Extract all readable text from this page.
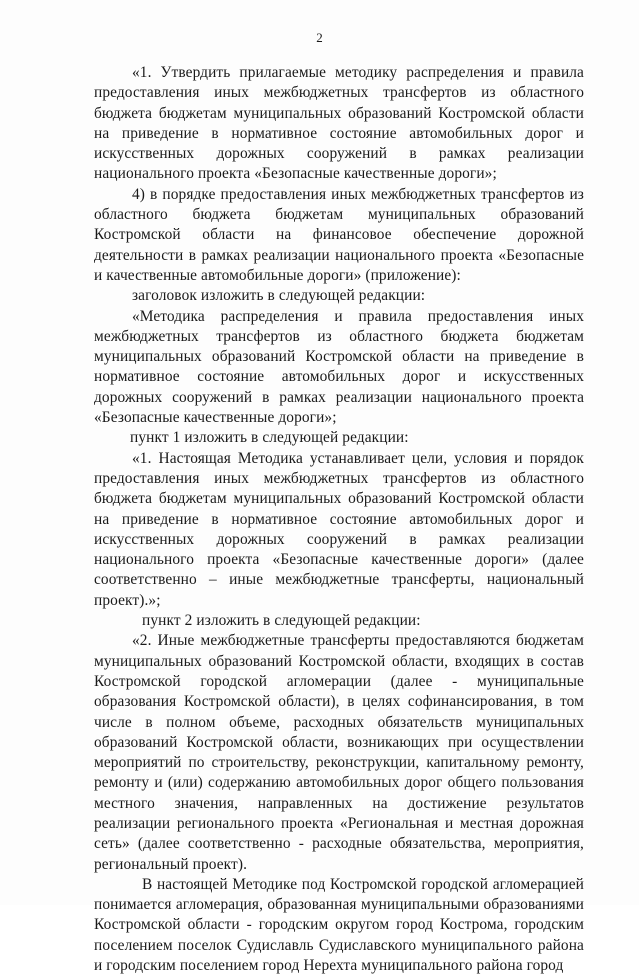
2

«1. Утвердить прилагаемые методику распределения и правила предоставления иных межбюджетных трансфертов из областного бюджета бюджетам муниципальных образований Костромской области на приведение в нормативное состояние автомобильных дорог и искусственных дорожных сооружений в рамках реализации национального проекта «Безопасные качественные дороги»;

4) в порядке предоставления иных межбюджетных трансфертов из областного бюджета бюджетам муниципальных образований Костромской области на финансовое обеспечение дорожной деятельности в рамках реализации национального проекта «Безопасные и качественные автомобильные дороги» (приложение):

заголовок изложить в следующей редакции:

«Методика распределения и правила предоставления иных межбюджетных трансфертов из областного бюджета бюджетам муниципальных образований Костромской области на приведение в нормативное состояние автомобильных дорог и искусственных дорожных сооружений в рамках реализации национального проекта «Безопасные качественные дороги»;

пункт 1 изложить в следующей редакции:

«1. Настоящая Методика устанавливает цели, условия и порядок предоставления иных межбюджетных трансфертов из областного бюджета бюджетам муниципальных образований Костромской области на приведение в нормативное состояние автомобильных дорог и искусственных дорожных сооружений в рамках реализации национального проекта «Безопасные качественные дороги» (далее соответственно – иные межбюджетные трансферты, национальный проект).»;

пункт 2 изложить в следующей редакции:

«2. Иные межбюджетные трансферты предоставляются бюджетам муниципальных образований Костромской области, входящих в состав Костромской городской агломерации (далее - муниципальные образования Костромской области), в целях софинансирования, в том числе в полном объеме, расходных обязательств муниципальных образований Костромской области, возникающих при осуществлении мероприятий по строительству, реконструкции, капитальному ремонту, ремонту и (или) содержанию автомобильных дорог общего пользования местного значения, направленных на достижение результатов реализации регионального проекта «Региональная и местная дорожная сеть» (далее соответственно - расходные обязательства, мероприятия, региональный проект).

В настоящей Методике под Костромской городской агломерацией понимается агломерация, образованная муниципальными образованиями Костромской области - городским округом город Кострома, городским поселением поселок Судиславль Судиславского муниципального района и городским поселением город Нерехта муниципального района город
